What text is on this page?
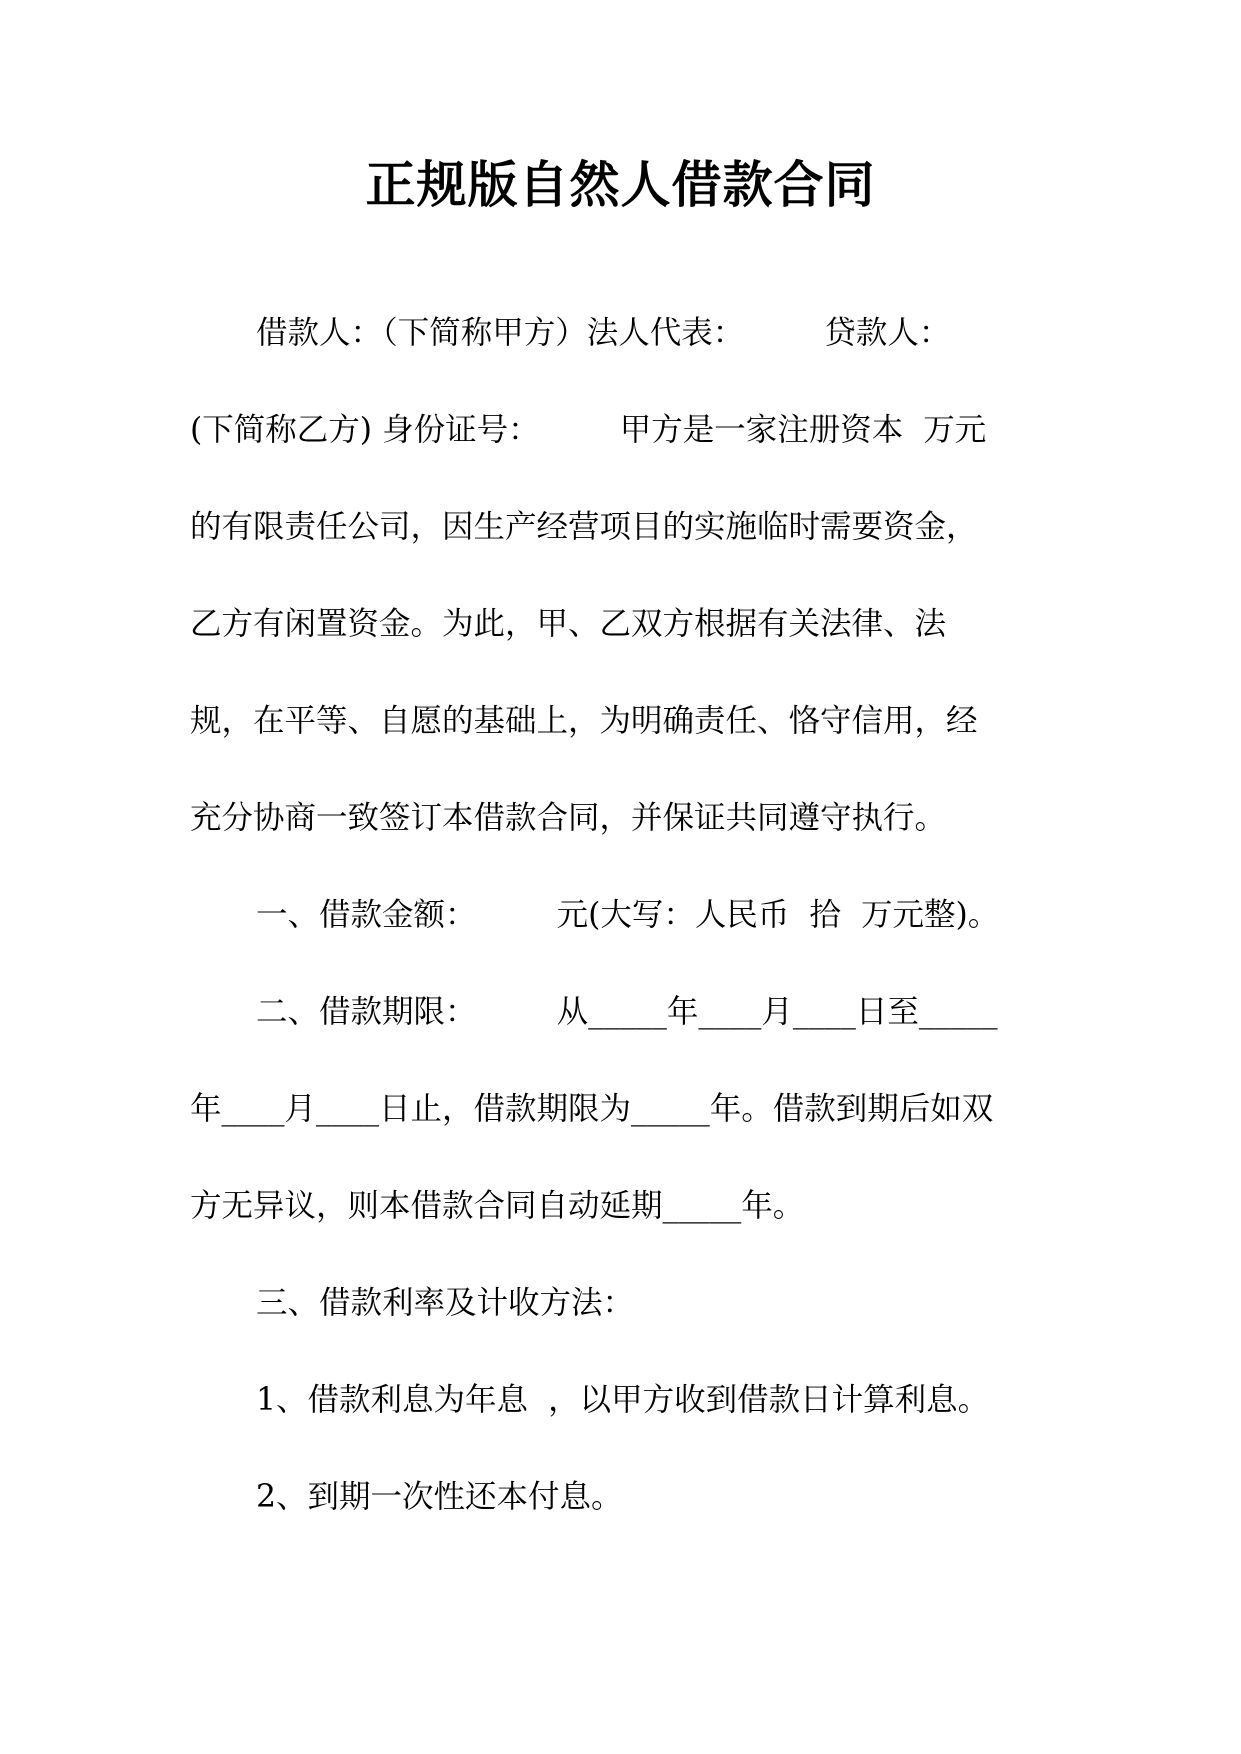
正规版自然人借款合同
借款人：（下简称甲方）法人代表：        贷款人：
(下简称乙方) 身份证号：        甲方是一家注册资本  万元
的有限责任公司，因生产经营项目的实施临时需要资金，
乙方有闲置资金。为此，甲、乙双方根据有关法律、法
规，在平等、自愿的基础上，为明确责任、恪守信用，经
充分协商一致签订本借款合同，并保证共同遵守执行。
一、借款金额：        元(大写：人民币  拾  万元整)。
二、借款期限：        从_____年____月____日至_____
年____月____日止，借款期限为_____年。借款到期后如双
方无异议，则本借款合同自动延期_____年。
三、借款利率及计收方法：
1、借款利息为年息  ，以甲方收到借款日计算利息。
2、到期一次性还本付息。
